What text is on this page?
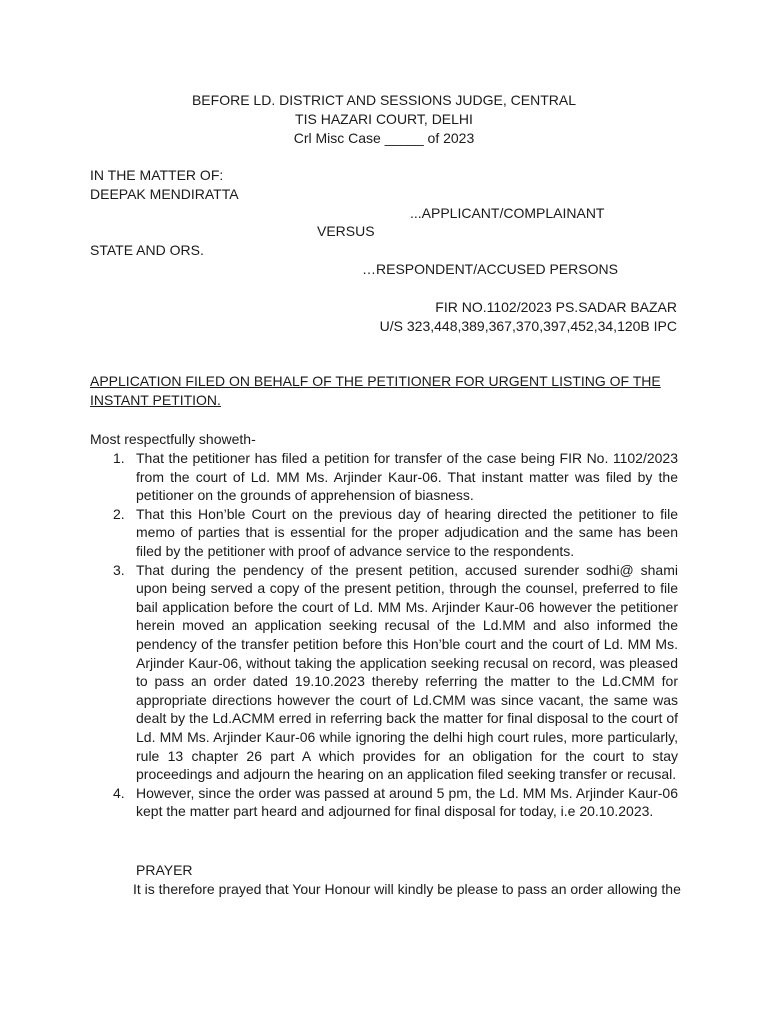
BEFORE LD. DISTRICT AND SESSIONS JUDGE, CENTRAL
TIS HAZARI COURT, DELHI
Crl Misc Case _____ of 2023
IN THE MATTER OF:
DEEPAK MENDIRATTA
...APPLICANT/COMPLAINANT
VERSUS
STATE AND ORS.
…RESPONDENT/ACCUSED PERSONS
FIR NO.1102/2023 PS.SADAR BAZAR
U/S 323,448,389,367,370,397,452,34,120B IPC
APPLICATION FILED ON BEHALF OF THE PETITIONER FOR URGENT LISTING OF THE
INSTANT PETITION.
Most respectfully showeth-
1. That the petitioner has filed a petition for transfer of the case being FIR No. 1102/2023 from the court of Ld. MM Ms. Arjinder Kaur-06. That instant matter was filed by the petitioner on the grounds of apprehension of biasness.
2. That this Hon’ble Court on the previous day of hearing directed the petitioner to file memo of parties that is essential for the proper adjudication and the same has been filed by the petitioner with proof of advance service to the respondents.
3. That during the pendency of the present petition, accused surender sodhi@ shami upon being served a copy of the present petition, through the counsel, preferred to file bail application before the court of Ld. MM Ms. Arjinder Kaur-06 however the petitioner herein moved an application seeking recusal of the Ld.MM and also informed the pendency of the transfer petition before this Hon’ble court and the court of Ld. MM Ms. Arjinder Kaur-06, without taking the application seeking recusal on record, was pleased to pass an order dated 19.10.2023 thereby referring the matter to the Ld.CMM for appropriate directions however the court of Ld.CMM was since vacant, the same was dealt by the Ld.ACMM erred in referring back the matter for final disposal to the court of Ld. MM Ms. Arjinder Kaur-06 while ignoring the delhi high court rules, more particularly, rule 13 chapter 26 part A which provides for an obligation for the court to stay proceedings and adjourn the hearing on an application filed seeking transfer or recusal.
4. However, since the order was passed at around 5 pm, the Ld. MM Ms. Arjinder Kaur-06 kept the matter part heard and adjourned for final disposal for today, i.e 20.10.2023.
PRAYER
It is therefore prayed that Your Honour will kindly be please to pass an order allowing the
